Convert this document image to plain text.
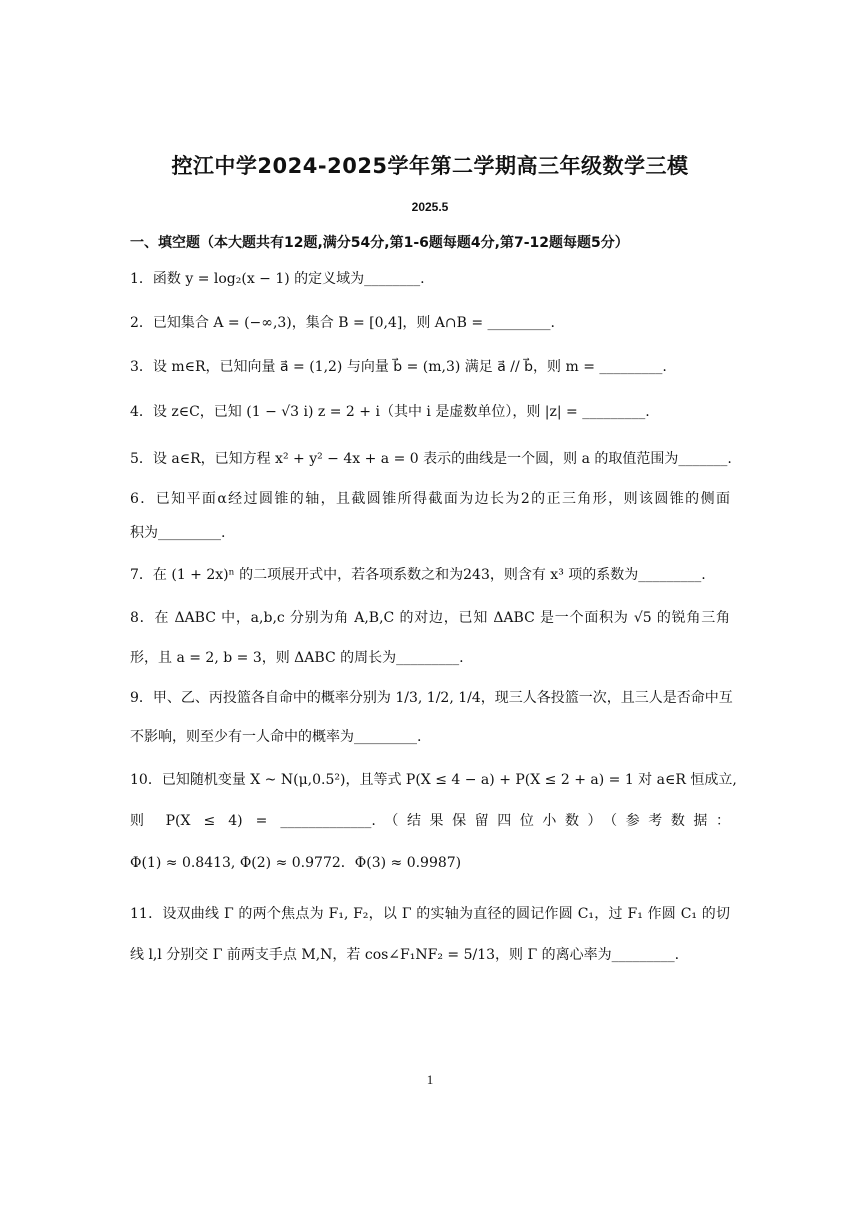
控江中学2024-2025学年第二学期高三年级数学三模
2025.5
一、填空题（本大题共有12题,满分54分,第1-6题每题4分,第7-12题每题5分）
1．函数 y = log₂(x − 1) 的定义域为________.
2．已知集合 A = (−∞,3)，集合 B = [0,4]，则 A∩B = _________.
3．设 m∈R，已知向量 a⃗ = (1,2) 与向量 b⃗ = (m,3) 满足 a⃗ // b⃗，则 m = _________.
4．设 z∈C，已知 (1 − √3 i) z = 2 + i（其中 i 是虚数单位），则 |z| = _________.
5．设 a∈R，已知方程 x² + y² − 4x + a = 0 表示的曲线是一个圆，则 a 的取值范围为_______.
6．已知平面α经过圆锥的轴，且截圆锥所得截面为边长为2的正三角形，则该圆锥的侧面
积为_________.
7．在 (1 + 2x)ⁿ 的二项展开式中，若各项系数之和为243，则含有 x³ 项的系数为_________.
8．在 ΔABC 中，a,b,c 分别为角 A,B,C 的对边，已知 ΔABC 是一个面积为 √5 的锐角三角
形，且 a = 2, b = 3，则 ΔABC 的周长为_________.
9．甲、乙、丙投篮各自命中的概率分别为 1/3, 1/2, 1/4，现三人各投篮一次，且三人是否命中互
不影响，则至少有一人命中的概率为_________.
10．已知随机变量 X ~ N(μ,0.5²)，且等式 P(X ≤ 4 − a) + P(X ≤ 2 + a) = 1 对 a∈R 恒成立,
则 P(X ≤ 4) = _____________.（结果保留四位小数）（参考数据：
Φ(1) ≈ 0.8413, Φ(2) ≈ 0.9772．Φ(3) ≈ 0.9987)
11．设双曲线 Γ 的两个焦点为 F₁, F₂，以 Γ 的实轴为直径的圆记作圆 C₁，过 F₁ 作圆 C₁ 的切
线 l,l 分别交 Γ 前两支手点 M,N，若 cos∠F₁NF₂ = 5/13，则 Γ 的离心率为_________.
1
